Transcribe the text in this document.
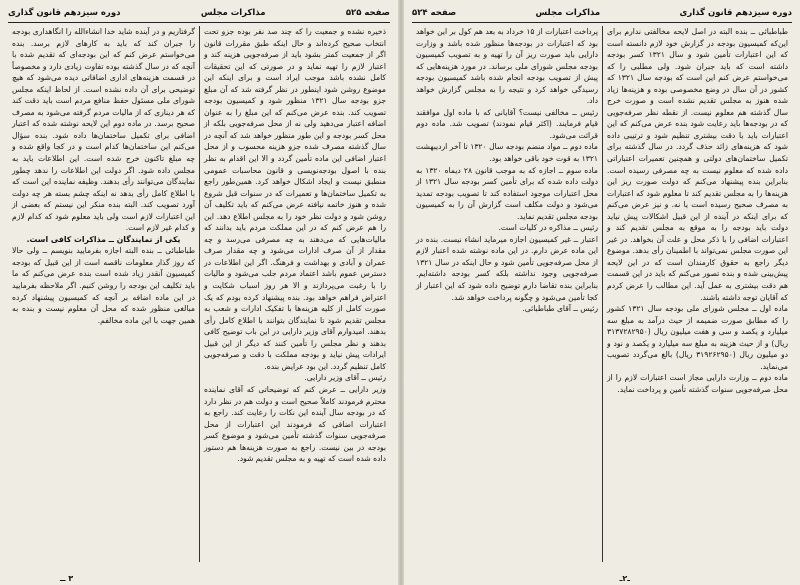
صفحه ۵۲۵
مذاکرات مجلس
دوره سیزدهم قانون گذاری

ذخیره نشده و جمعیت را که چند صد نفر بوده جزو تحت انتخاب صحیح کرده‌اند و حال اینکه طبق مقررات قانون اگر از جمعیت کمتر بشود باید از صرفه‌جویی هزینه کند و اعتبار لازم را تهیه نماید و در صورتی که این تحقیقات کامل نشده باشد موجب ایراد است و برای اینکه این موضوع روشن شود اینطور در نظر گرفته شد که آن مبلغ جزو بودجه سال ۱۳۲۱ منظور شود و کمیسیون بودجه تصویب کند. بنده عرض می‌کنم که این مبلغ را به عنوان اضافه اعتبار می‌دهید ولی نه از محل صرفه‌جویی بلکه از محل کسر بودجه و این طور منظور خواهد شد که آنچه در سال گذشته مصرف شده جزو هزینه محسوب و از محل اعتبار اضافی این ماده تأمین گردد و الا این اقدام به نظر بنده با اصول بودجه‌نویسی و قانون محاسبات عمومی منطبق نیست و ایجاد اشکال خواهد کرد. همین‌طور راجع به تکمیل ساختمان‌ها و تعمیرات که در سنوات قبل شروع شده و هنوز خاتمه نیافته عرض می‌کنم که باید تکلیف آن روشن شود و دولت نظر خود را به مجلس اطلاع دهد. این را هم عرض کنم که در این مملکت مردم باید بدانند که مالیات‌هایی که می‌دهند به چه مصرفی می‌رسد و چه مقدار از آن صرف ادارات می‌شود و چه مقدار صرف عمران و آبادی و بهداشت و فرهنگ. اگر این اطلاعات در دسترس عموم باشد اعتماد مردم جلب می‌شود و مالیات را با رغبت می‌پردازند و الا هر روز اسباب شکایت و اعتراض فراهم خواهد بود. بنده پیشنهاد کرده بودم که یک صورت کامل از کلیه هزینه‌ها با تفکیک ادارات و شعب به مجلس تقدیم شود تا نمایندگان بتوانند با اطلاع کامل رأی بدهند. امیدوارم آقای وزیر دارایی در این باب توضیح کافی بدهند و نظر مجلس را تأمین کنند که دیگر از این قبیل ایرادات پیش نیاید و بودجه مملکت با دقت و صرفه‌جویی کامل تنظیم گردد. این بود عرایض بنده.

رئیس ــ آقای وزیر دارایی.

وزیر دارایی ــ عرض کنم که توضیحاتی که آقای نماینده محترم فرمودند کاملاً صحیح است و دولت هم در نظر دارد که در بودجه سال آینده این نکات را رعایت کند. راجع به اعتبارات اضافی که فرمودند این اعتبارات از محل صرفه‌جویی سنوات گذشته تأمین می‌شود و موضوع کسر بودجه در بین نیست. راجع به صورت هزینه‌ها هم دستور داده شده است که تهیه و به مجلس تقدیم شود.

گرفتاریم و در آینده شاید خدا انشاءالله را انگاهداری بودجه را جبران کند که باید به کارهای لازم برسد. بنده می‌خواستم عرض کنم که این بودجه‌ای که تقدیم شده با آنچه که در سال گذشته بوده تفاوت زیادی دارد و مخصوصاً در قسمت هزینه‌های اداری اضافاتی دیده می‌شود که هیچ توضیحی برای آن داده نشده است. از لحاظ اینکه مجلس شورای ملی مسئول حفظ منافع مردم است باید دقت کند که هر دیناری که از مالیات مردم گرفته می‌شود به مصرف صحیح برسد. در ماده دوم این لایحه نوشته شده که اعتبار اضافی برای تکمیل ساختمان‌ها داده شود. بنده سؤال می‌کنم این ساختمان‌ها کدام است و در کجا واقع شده و چه مبلغ تاکنون خرج شده است. این اطلاعات باید به مجلس داده شود. اگر دولت این اطلاعات را ندهد چطور نمایندگان می‌توانند رأی بدهند. وظیفه نماینده این است که با اطلاع کامل رأی بدهد نه اینکه چشم بسته هر چه دولت آورد تصویب کند. البته بنده منکر این نیستم که بعضی از این اعتبارات لازم است ولی باید معلوم شود که کدام لازم و کدام غیر لازم است.

یکی از نمایندگان ــ مذاکرات کافی است.

طباطبائی ــ بنده البته اجازه بفرمایید بنویسم ــ ولی حالا که روز گذار معلومات ناقصه است از این قبیل که بودجه کمیسیون آنقدر زیاد شده است بنده عرض می‌کنم که ما باید تکلیف این بودجه را روشن کنیم. اگر ملاحظه بفرمایید در این ماده اضافه بر آنچه که کمیسیون پیشنهاد کرده مبالغی منظور شده که محل آن معلوم نیست و بنده به همین جهت با این ماده مخالفم.

۳ ــ
دوره سیزدهم قانون گذاری
مذاکرات مجلس
صفحه ۵۲۴

طباطبائی ــ بنده البته در اصل لایحه مخالفتی ندارم برای این‌که کمیسیون بودجه در گزارش خود لازم دانسته است که این اعتبارات تأمین شود و سال ۱۳۲۱ کسر بودجه داشته است که باید جبران شود. ولی مطلبی را که می‌خواستم عرض کنم این است که بودجه سال ۱۳۲۱ که کشور در آن سال در وضع مخصوصی بوده و هزینه‌ها زیاد شده هنوز به مجلس تقدیم نشده است و صورت خرج سال گذشته هم معلوم نیست. از نقطه نظر صرفه‌جویی که در بودجه‌ها باید رعایت شود بنده عرض می‌کنم که این اعتبارات باید با دقت بیشتری تنظیم شود و ترتیبی داده شود که هزینه‌های زائد حذف گردد. در سال گذشته برای تکمیل ساختمان‌های دولتی و همچنین تعمیرات اعتباراتی داده شده که معلوم نیست به چه مصرفی رسیده است. بنابراین بنده پیشنهاد می‌کنم که دولت صورت ریز این هزینه‌ها را به مجلس تقدیم کند تا معلوم شود که اعتبارات به مصرف صحیح رسیده است یا نه. و نیز عرض می‌کنم که برای اینکه در آینده از این قبیل اشکالات پیش نیاید دولت باید بودجه را به موقع به مجلس تقدیم کند و اعتبارات اضافی را با ذکر محل و علت آن بخواهد. در غیر این صورت مجلس نمی‌تواند با اطمینان رأی بدهد. موضوع دیگر راجع به حقوق کارمندان است که در این لایحه پیش‌بینی شده و بنده تصور می‌کنم که باید در این قسمت هم دقت بیشتری به عمل آید. این مطالب را عرض کردم که آقایان توجه داشته باشند.

ماده اول ــ مجلس شورای ملی بودجه سال ۱۳۲۱ کشور را که مطابق صورت ضمیمه از حیث درآمد به مبلغ سه میلیارد و یکصد و سی و هفت میلیون ریال (۳۱۳۷۲۸۲۹۵۰ ریال) و از حیث هزینه به مبلغ سه میلیارد و یکصد و نود و دو میلیون ریال (۳۱۹۲۶۲۹۵۰ ریال) بالغ می‌گردد تصویب می‌نماید.

ماده دوم ــ وزارت دارایی مجاز است اعتبارات لازم را از محل صرفه‌جویی سنوات گذشته تأمین و پرداخت نماید.

پرداخت اعتبارات از ۱۵ خرداد به بعد هم کول بر این خواهد بود که اعتبارات در بودجه‌ها منظور شده باشد و وزارت دارایی باید صورت ریز آن را تهیه و به تصویب کمیسیون بودجه مجلس شورای ملی برساند. در مورد هزینه‌هایی که پیش از تصویب بودجه انجام شده باشد کمیسیون بودجه رسیدگی خواهد کرد و نتیجه را به مجلس گزارش خواهد داد.

رئیس ــ مخالفی نیست؟ آقایانی که با ماده اول موافقند قیام فرمایند. (اکثر قیام نمودند) تصویب شد. ماده دوم قرائت می‌شود.

ماده دوم ــ مواد منضم بودجه سال ۱۳۲۰ تا آخر اردیبهشت ۱۳۲۱ به قوت خود باقی خواهد بود.

ماده سوم ــ اجازه که به موجب قانون ۲۸ دیماه ۱۳۲۰ به دولت داده شده که برای تأمین کسر بودجه سال ۱۳۲۱ از محل اعتبارات موجود استفاده کند تا تصویب بودجه تمدید می‌شود و دولت مکلف است گزارش آن را به کمیسیون بودجه مجلس تقدیم نماید.

رئیس ــ مذاکره در کلیات است.

اعتبار ــ غیر کمیسیون اجازه میرماید انشاء نیست. بنده در این ماده عرض دارم. در این ماده نوشته شده اعتبار لازم از محل صرفه‌جویی تأمین شود و حال اینکه در سال ۱۳۲۱ صرفه‌جویی وجود نداشته بلکه کسر بودجه داشته‌ایم. بنابراین بنده تقاضا دارم توضیح داده شود که این اعتبار از کجا تأمین می‌شود و چگونه پرداخت خواهد شد.

رئیس ــ آقای طباطبائی.

ـ۲ـ
